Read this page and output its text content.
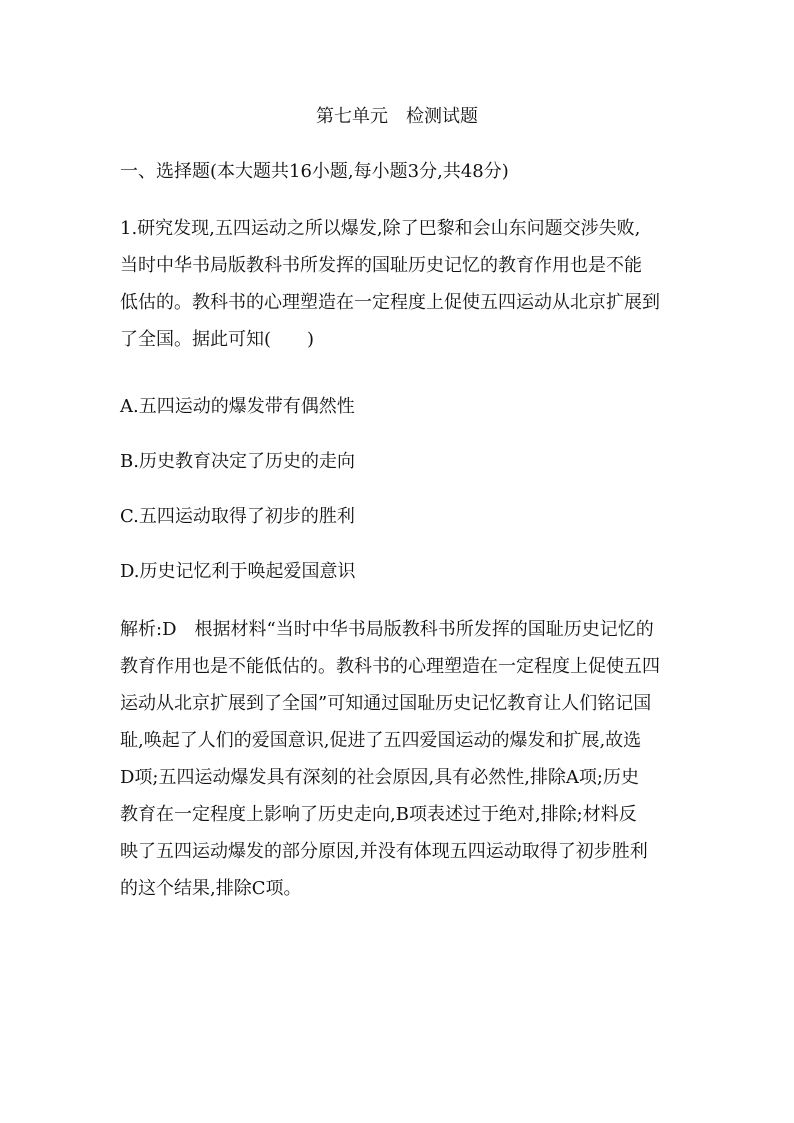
第七单元　检测试题
一、选择题(本大题共16小题,每小题3分,共48分)
1.研究发现,五四运动之所以爆发,除了巴黎和会山东问题交涉失败,
当时中华书局版教科书所发挥的国耻历史记忆的教育作用也是不能
低估的。教科书的心理塑造在一定程度上促使五四运动从北京扩展到
了全国。据此可知(　　)
A.五四运动的爆发带有偶然性
B.历史教育决定了历史的走向
C.五四运动取得了初步的胜利
D.历史记忆利于唤起爱国意识
解析:D　根据材料“当时中华书局版教科书所发挥的国耻历史记忆的
教育作用也是不能低估的。教科书的心理塑造在一定程度上促使五四
运动从北京扩展到了全国”可知通过国耻历史记忆教育让人们铭记国
耻,唤起了人们的爱国意识,促进了五四爱国运动的爆发和扩展,故选
D项;五四运动爆发具有深刻的社会原因,具有必然性,排除A项;历史
教育在一定程度上影响了历史走向,B项表述过于绝对,排除;材料反
映了五四运动爆发的部分原因,并没有体现五四运动取得了初步胜利
的这个结果,排除C项。
